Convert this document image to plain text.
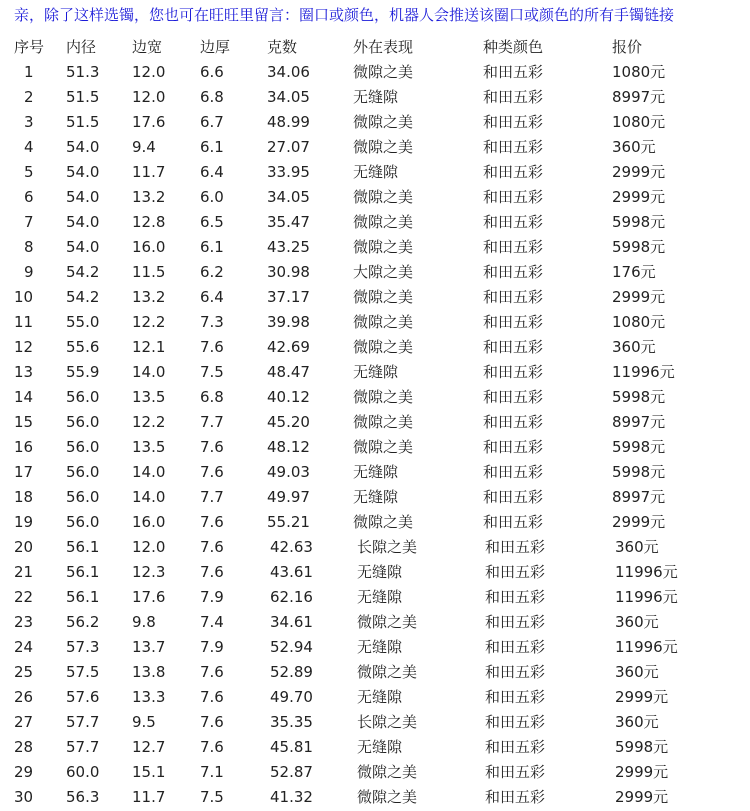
亲，除了这样选镯，您也可在旺旺里留言：圈口或颜色，机器人会推送该圈口或颜色的所有手镯链接
序号 内径 边宽	边厚 克数	外在表现	种类颜色	报价
1 51.3 12.0 6.6	34.06	微隙之美	和田五彩	1080元
2 51.5 12.0 6.8	34.05	无缝隙	和田五彩	8997元
3 51.5 17.6 6.7	48.99	微隙之美	和田五彩	1080元
4 54.0 9.4	6.1	27.07	微隙之美	和田五彩	360元
5 54.0 11.7 6.4	33.95	无缝隙	和田五彩	2999元
6 54.0 13.2 6.0	34.05	微隙之美	和田五彩	2999元
7 54.0 12.8 6.5	35.47	微隙之美	和田五彩	5998元
8 54.0 16.0 6.1	43.25	微隙之美	和田五彩	5998元
9 54.2 11.5 6.2	30.98	大隙之美	和田五彩	176元
10 54.2 13.2 6.4	37.17	微隙之美	和田五彩	2999元
11 55.0 12.2 7.3	39.98	微隙之美	和田五彩	1080元
12 55.6 12.1 7.6	42.69	微隙之美	和田五彩	360元
13 55.9 14.0 7.5	48.47	无缝隙	和田五彩	11996元
14 56.0 13.5 6.8	40.12	微隙之美	和田五彩	5998元
15 56.0 12.2 7.7	45.20	微隙之美	和田五彩	8997元
16 56.0 13.5 7.6	48.12	微隙之美	和田五彩	5998元
17 56.0 14.0 7.6	49.03	无缝隙	和田五彩	5998元
18 56.0 14.0 7.7	49.97	无缝隙	和田五彩	8997元
19 56.0 16.0 7.6	55.21	微隙之美	和田五彩	2999元
20 56.1 12.0 7.6	42.63	长隙之美	和田五彩	360元
21 56.1 12.3 7.6	43.61	无缝隙	和田五彩	11996元
22 56.1 17.6 7.9	62.16	无缝隙	和田五彩	11996元
23 56.2 9.8	7.4	34.61	微隙之美	和田五彩	360元
24 57.3 13.7 7.9	52.94	无缝隙	和田五彩	11996元
25 57.5 13.8 7.6	52.89	微隙之美	和田五彩	360元
26 57.6 13.3 7.6	49.70	无缝隙	和田五彩	2999元
27 57.7 9.5	7.6	35.35	长隙之美	和田五彩	360元
28 57.7 12.7 7.6	45.81	无缝隙	和田五彩	5998元
29 60.0 15.1 7.1	52.87	微隙之美	和田五彩	2999元
30 56.3 11.7 7.5	41.32	微隙之美	和田五彩	2999元
